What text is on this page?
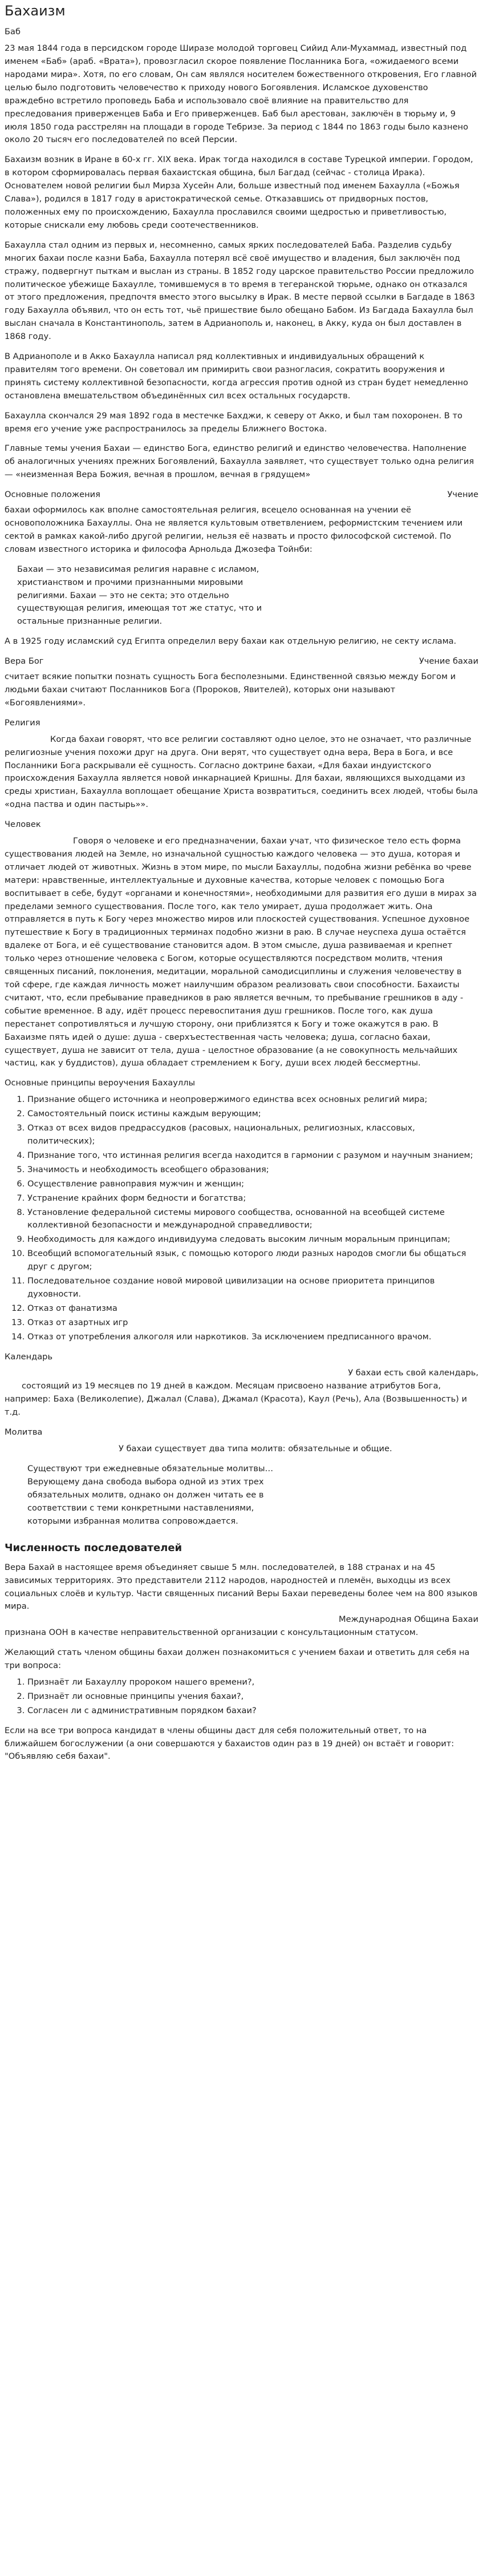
Бахаизм
Баб

23 мая 1844 года в персидском городе Ширазе молодой торговец Сийид Али-Мухаммад, известный под именем «Баб» (араб. «Врата»), провозгласил скорое появление Посланника Бога, «ожидаемого всеми народами мира». Хотя, по его словам, Он сам являлся носителем божественного откровения, Его главной целью было подготовить человечество к приходу нового Богоявления. Исламское духовенство враждебно встретило проповедь Баба и использовало своё влияние на правительство для преследования приверженцев Баба и Его приверженцев. Баб был арестован, заключён в тюрьму и, 9 июля 1850 года расстрелян на площади в городе Тебризе. За период с 1844 по 1863 годы было казнено около 20 тысяч его последователей по всей Персии.

Бахаизм возник в Иране в 60-х гг. XIX века. Ирак тогда находился в составе Турецкой империи. Городом, в котором сформировалась первая бахаистская община, был Багдад (сейчас - столица Ирака). Основателем новой религии был Мирза Хусейн Али, больше известный под именем Бахаулла («Божья Слава»), родился в 1817 году в аристократической семье. Отказавшись от придворных постов, положенных ему по происхождению, Бахаулла прославился своими щедростью и приветливостью, которые снискали ему любовь среди соотечественников.

Бахаулла стал одним из первых и, несомненно, самых ярких последователей Баба. Разделив судьбу многих бахаи после казни Баба, Бахаулла потерял всё своё имущество и владения, был заключён под стражу, подвергнут пыткам и выслан из страны. В 1852 году царское правительство России предложило политическое убежище Бахаулле, томившемуся в то время в тегеранской тюрьме, однако он отказался от этого предложения, предпочтя вместо этого высылку в Ирак. В месте первой ссылки в Багдаде в 1863 году Бахаулла объявил, что он есть тот, чьё пришествие было обещано Бабом. Из Багдада Бахаулла был выслан сначала в Константинополь, затем в Адрианополь и, наконец, в Акку, куда он был доставлен в 1868 году.

В Адрианополе и в Акко Бахаулла написал ряд коллективных и индивидуальных обращений к правителям того времени. Он советовал им примирить свои разногласия, сократить вооружения и принять систему коллективной безопасности, когда агрессия против одной из стран будет немедленно остановлена вмешательством объединённых сил всех остальных государств.

Бахаулла скончался 29 мая 1892 года в местечке Бахджи, к северу от Акко, и был там похоронен. В то время его учение уже распространилось за пределы Ближнего Востока.

Главные темы учения Бахаи — единство Бога, единство религий и единство человечества. Наполнение об аналогичных учениях прежних Богоявлений, Бахаулла заявляет, что существует только одна религия — «неизменная Вера Божия, вечная в прошлом, вечная в грядущем»

Основные положения	Учение

бахаи оформилось как вполне самостоятельная религия, всецело основанная на учении её основоположника Бахауллы. Она не является культовым ответвлением, реформистским течением или сектой в рамках какой-либо другой религии, нельзя её назвать и просто философской системой. По словам известного историка и философа Арнольда Джозефа Тойнби:

Бахаи — это независимая религия наравне с исламом, христианством и прочими признанными мировыми религиями. Бахаи — это не секта; это отдельно существующая религия, имеющая тот же статус, что и остальные признанные религии.

А в 1925 году исламский суд Египта определил веру бахаи как отдельную религию, не секту ислама.

Вера Бог	Учение бахаи

считает всякие попытки познать сущность Бога бесполезными. Единственной связью между Богом и людьми бахаи считают Посланников Бога (Пророков, Явителей), которых они называют «Богоявлениями».

Религия

Когда бахаи говорят, что все религии составляют одно целое, это не означает, что различные религиозные учения похожи друг на друга. Они верят, что существует одна вера, Вера в Бога, и все Посланники Бога раскрывали её сущность. Согласно доктрине бахаи, «Для бахаи индуистского происхождения Бахаулла является новой инкарнацией Кришны. Для бахаи, являющихся выходцами из среды христиан, Бахаулла воплощает обещание Христа возвратиться, соединить всех людей, чтобы была «одна паства и один пастырь»».

Человек

Говоря о человеке и его предназначении, бахаи учат, что физическое тело есть форма существования людей на Земле, но изначальной сущностью каждого человека — это душа, которая и отличает людей от животных. Жизнь в этом мире, по мысли Бахауллы, подобна жизни ребёнка во чреве матери: нравственные, интеллектуальные и духовные качества, которые человек с помощью Бога воспитывает в себе, будут «органами и конечностями», необходимыми для развития его души в мирах за пределами земного существования. После того, как тело умирает, душа продолжает жить. Она отправляется в путь к Богу через множество миров или плоскостей существования. Успешное духовное путешествие к Богу в традиционных терминах подобно жизни в раю. В случае неуспеха душа остаётся вдалеке от Бога, и её существование становится адом. В этом смысле, душа развиваемая и крепнет только через отношение человека с Богом, которые осуществляются посредством молитв, чтения священных писаний, поклонения, медитации, моральной самодисциплины и служения человечеству в той сфере, где каждая личность может наилучшим образом реализовать свои способности. Бахаисты считают, что, если пребывание праведников в раю является вечным, то пребывание грешников в аду - событие временное. В аду, идёт процесс перевоспитания душ грешников. После того, как душа перестанет сопротивляться и лучшую сторону, они приблизятся к Богу и тоже окажутся в раю. В Бахаизме пять идей о душе: душа - сверхъестественная часть человека; душа, согласно бахаи, существует, душа не зависит от тела, душа - целостное образование (а не совокупность мельчайших частиц, как у буддистов), душа обладает стремлением к Богу, души всех людей бессмертны.

Основные принципы вероучения Бахауллы
1. Признание общего источника и неопровержимого единства всех основных религий мира;
2. Самостоятельный поиск истины каждым верующим;
3. Отказ от всех видов предрассудков (расовых, национальных, религиозных, классовых, политических);
4. Признание того, что истинная религия всегда находится в гармонии с разумом и научным знанием;
5. Значимость и необходимость всеобщего образования;
6. Осуществление равноправия мужчин и женщин;
7. Устранение крайних форм бедности и богатства;
8. Установление федеральной системы мирового сообщества, основанной на всеобщей системе коллективной безопасности и международной справедливости;
9. Необходимость для каждого индивидуума следовать высоким личным моральным принципам;
10. Всеобщий вспомогательный язык, с помощью которого люди разных народов смогли бы общаться друг с другом;
11. Последовательное создание новой мировой цивилизации на основе приоритета принципов духовности.
12. Отказ от фанатизма
13. Отказ от азартных игр
14. Отказ от употребления алкоголя или наркотиков. За исключением предписанного врачом.
Календарь
У бахаи есть свой календарь,

состоящий из 19 месяцев по 19 дней в каждом. Месяцам присвоено название атрибутов Бога, например: Баха (Великолепие), Джалал (Слава), Джамал (Красота), Каул (Речь), Ала (Возвышенность) и т.д.

Молитва

У бахаи существует два типа молитв: обязательные и общие.

Существуют три ежедневные обязательные молитвы… Верующему дана свобода выбора одной из этих трех обязательных молитв, однако он должен читать ее в соответствии с теми конкретными наставлениями, которыми избранная молитва сопровождается.
Численность последователей

Вера Бахай в настоящее время объединяет свыше 5 млн. последователей, в 188 странах и на 45 зависимых территориях. Это представители 2112 народов, народностей и племён, выходцы из всех социальных слоёв и культур. Части священных писаний Веры Бахаи переведены более чем на 800 языков мира.

Международная Община Бахаи

признана ООН в качестве неправительственной организации с консультационным статусом.

Желающий стать членом общины бахаи должен познакомиться с учением бахаи и ответить для себя на три вопроса:

1. Признаёт ли Бахауллу пророком нашего времени?,
2. Признаёт ли основные принципы учения бахаи?,
3. Согласен ли с административным порядком бахаи?

Если на все три вопроса кандидат в члены общины даст для себя положительный ответ, то на ближайшем богослужении (а они совершаются у бахаистов один раз в 19 дней) он встаёт и говорит: "Объявляю себя бахаи".
